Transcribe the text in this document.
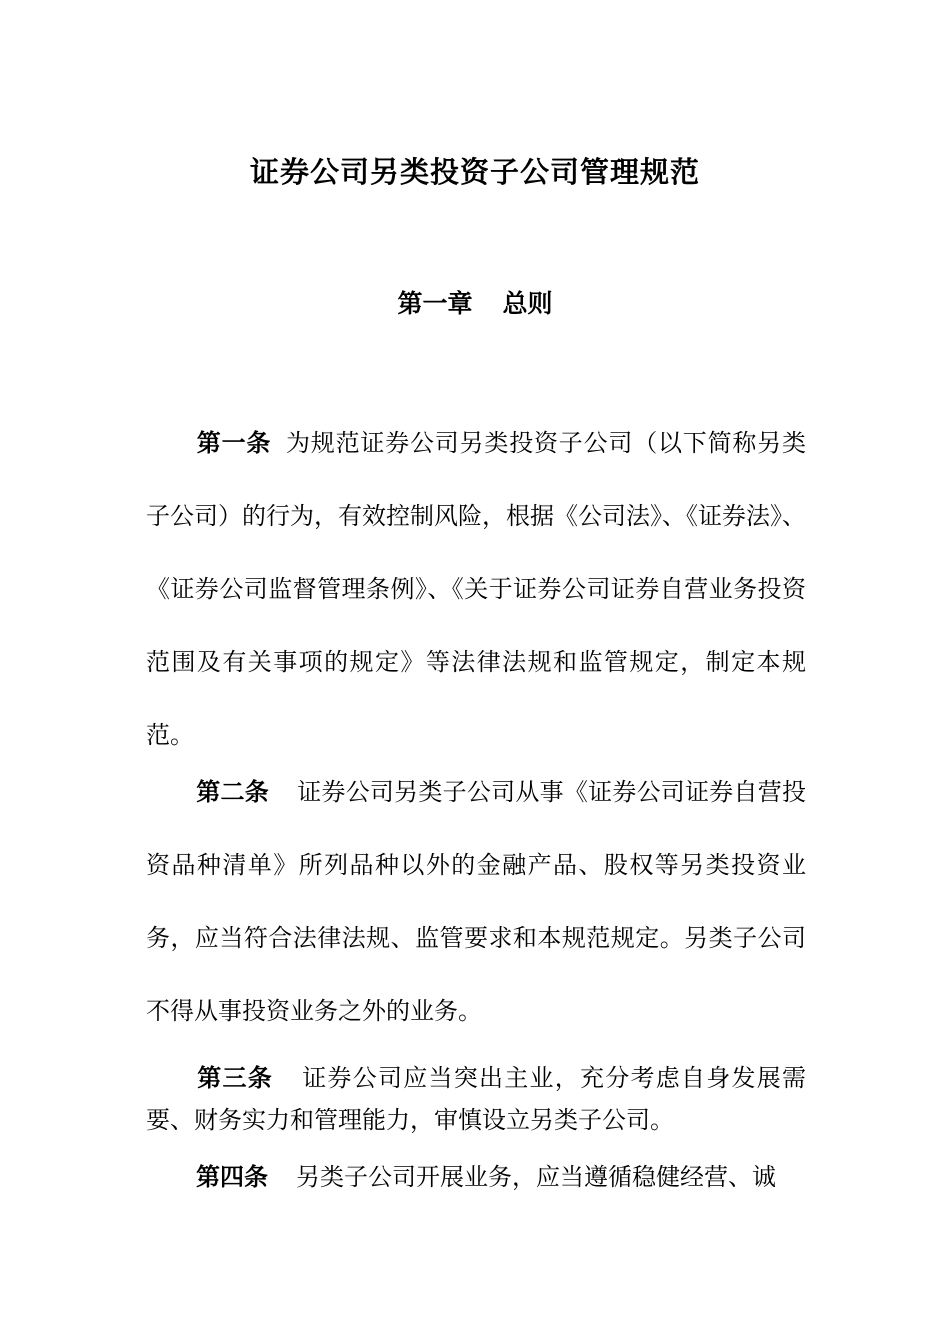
证券公司另类投资子公司管理规范
第一章 总则
第一条 为规范证券公司另类投资子公司（以下简称另类子公司）的行为，有效控制风险，根据《公司法》、《证券法》、《证券公司监督管理条例》、《关于证券公司证券自营业务投资范围及有关事项的规定》等法律法规和监管规定，制定本规范。
第二条 证券公司另类子公司从事《证券公司证券自营投资品种清单》所列品种以外的金融产品、股权等另类投资业务，应当符合法律法规、监管要求和本规范规定。另类子公司不得从事投资业务之外的业务。
第三条 证券公司应当突出主业，充分考虑自身发展需要、财务实力和管理能力，审慎设立另类子公司。
第四条 另类子公司开展业务，应当遵循稳健经营、诚
